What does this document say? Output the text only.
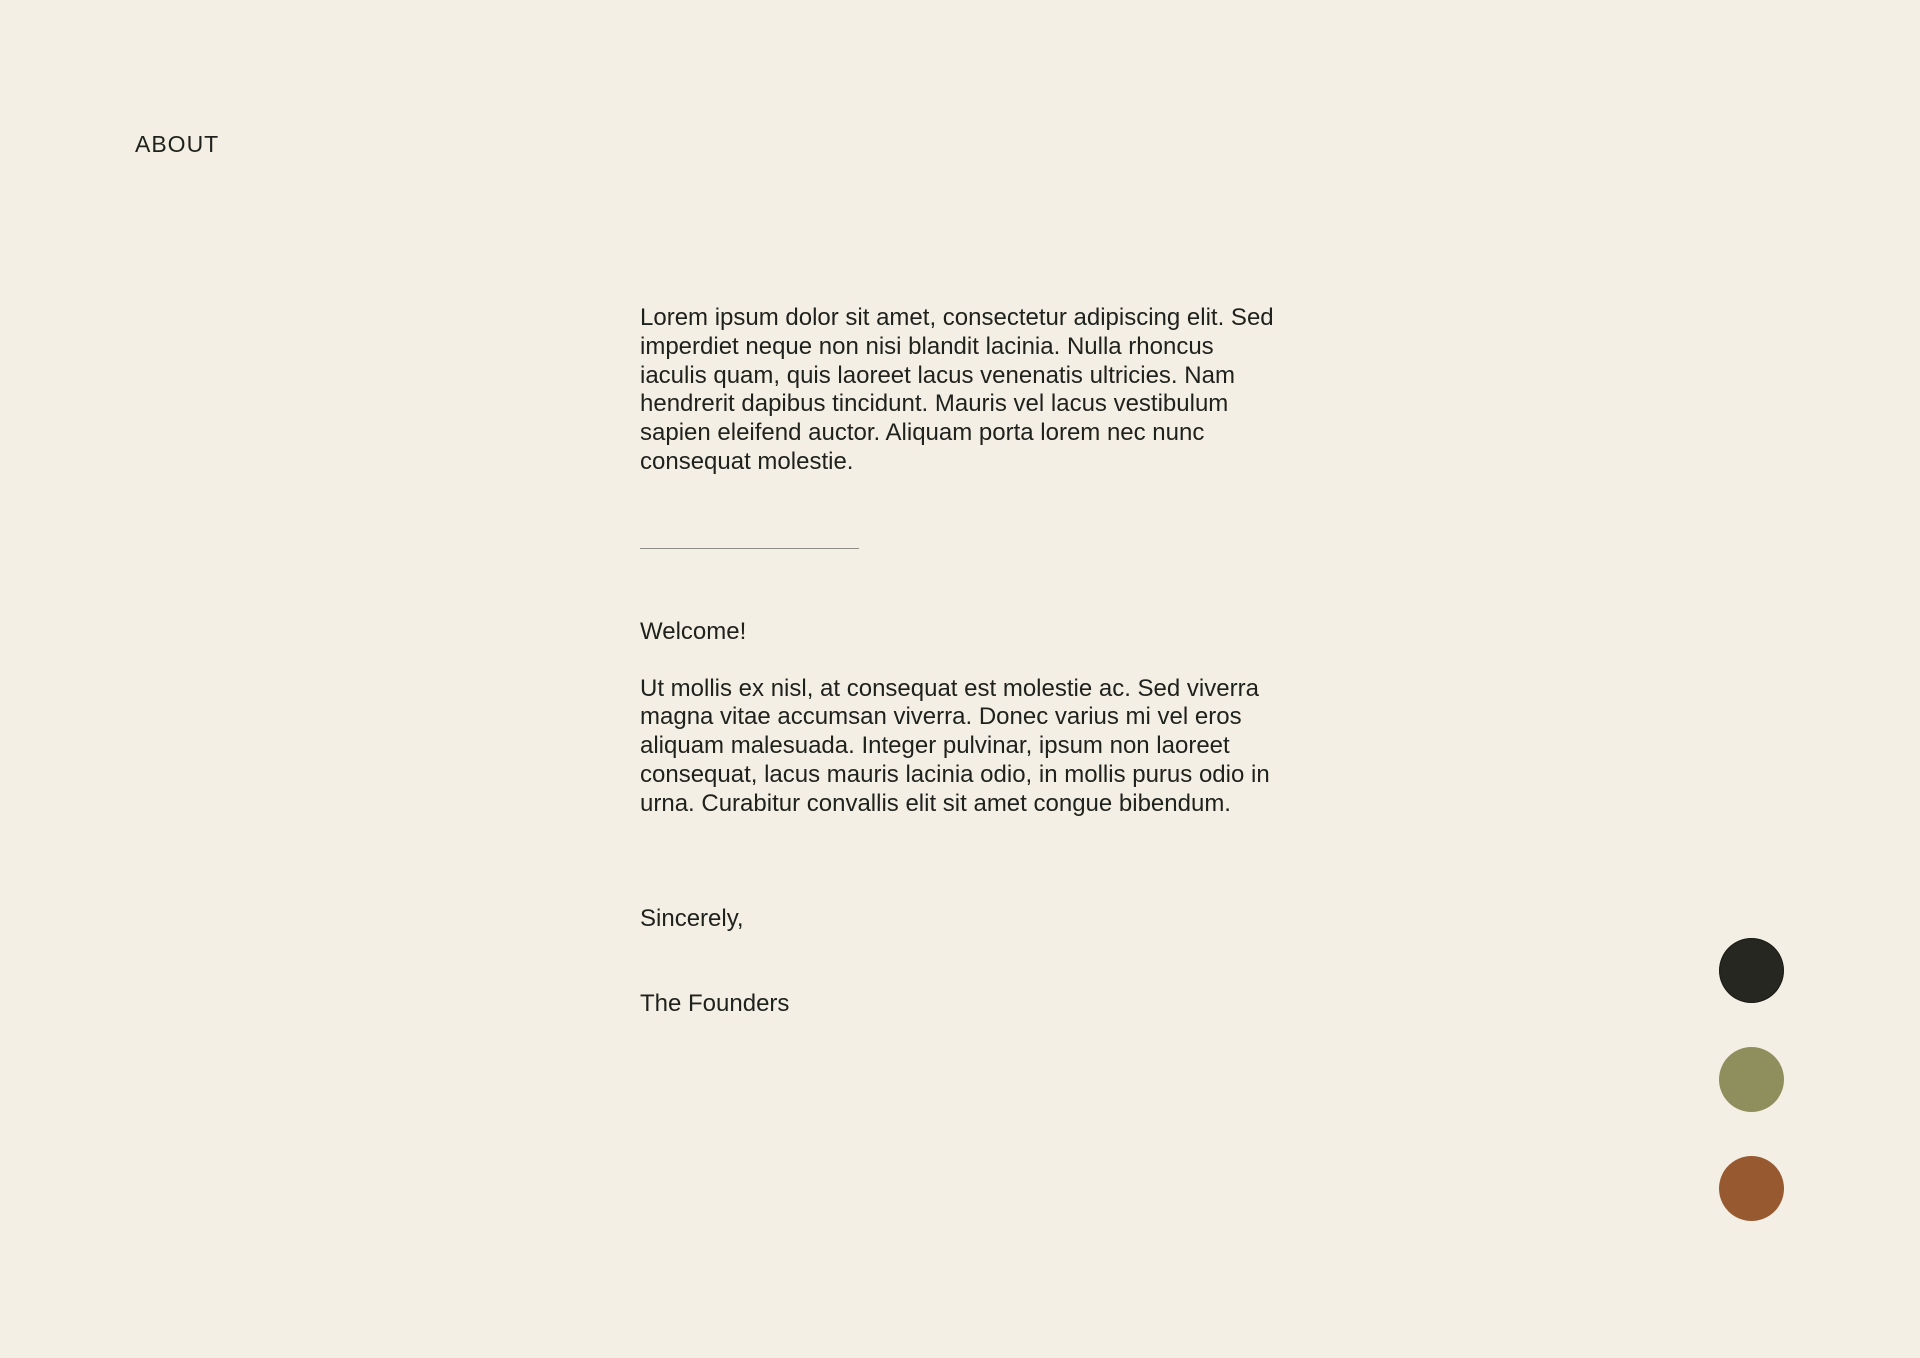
ABOUT

Lorem ipsum dolor sit amet, consectetur adipiscing elit. Sed imperdiet neque non nisi blandit lacinia. Nulla rhoncus iaculis quam, quis laoreet lacus venenatis ultricies. Nam hendrerit dapibus tincidunt. Mauris vel lacus vestibulum sapien eleifend auctor. Aliquam porta lorem nec nunc consequat molestie.

Welcome!

Ut mollis ex nisl, at consequat est molestie ac. Sed viverra magna vitae accumsan viverra. Donec varius mi vel eros aliquam malesuada. Integer pulvinar, ipsum non laoreet consequat, lacus mauris lacinia odio, in mollis purus odio in urna. Curabitur convallis elit sit amet congue bibendum.

Sincerely,

The Founders
